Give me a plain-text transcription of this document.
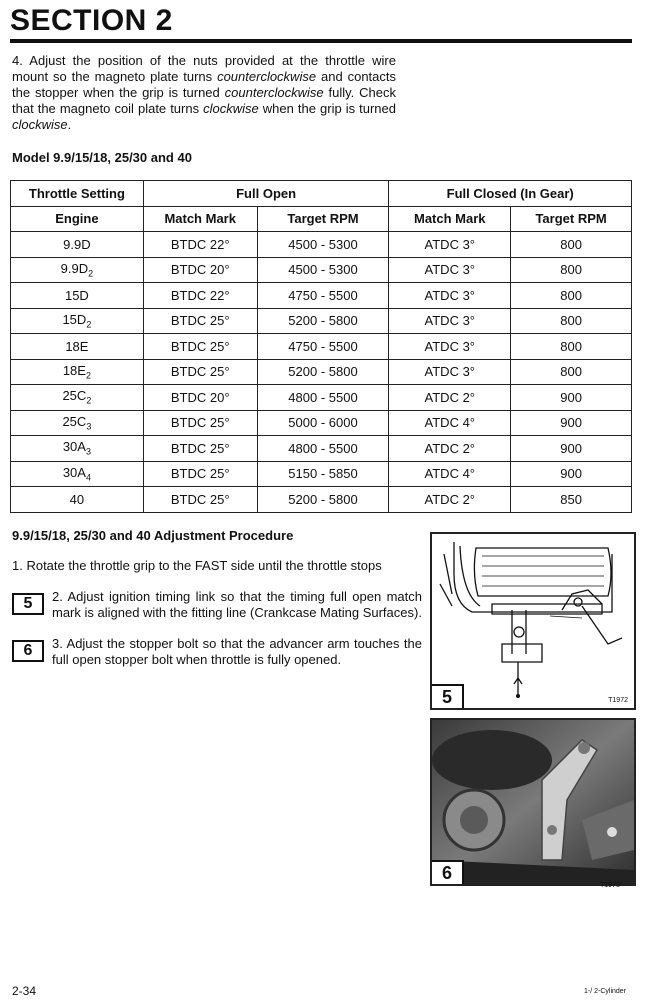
SECTION 2
4. Adjust the position of the nuts provided at the throttle wire mount so the magneto plate turns counterclockwise and contacts the stopper when the grip is turned counterclockwise fully. Check that the magneto coil plate turns clockwise when the grip is turned clockwise.
Model 9.9/15/18, 25/30 and 40
Throttle Setting	Full Open		Full Closed (In Gear)	
Engine	Match Mark	Target RPM	Match Mark	Target RPM
9.9D	BTDC 22°	4500 - 5300	ATDC 3°	800
$9.9D_2$	BTDC 20°	4500 - 5300	ATDC 3°	800
15D	BTDC 22°	4750 - 5500	ATDC 3°	800
$15D_2$	BTDC 25°	5200 - 5800	ATDC 3°	800
18E	BTDC 25°	4750 - 5500	ATDC 3°	800
$18E_2$	BTDC 25°	5200 - 5800	ATDC 3°	800
$25C_2$	BTDC 20°	4800 - 5500	ATDC 2°	900
$25C_3$	BTDC 25°	5000 - 6000	ATDC 4°	900
$30A_3$	BTDC 25°	4800 - 5500	ATDC 2°	900
$30A_4$	BTDC 25°	5150 - 5850	ATDC 4°	900
40	BTDC 25°	5200 - 5800	ATDC 2°	850
9.9/15/18, 25/30 and 40 Adjustment Procedure
1. Rotate the throttle grip to the FAST side until the throttle stops
5	2. Adjust ignition timing link so that the timing full open match mark is aligned with the fitting line (Crankcase Mating Surfaces).
6	3. Adjust the stopper bolt so that the advancer arm touches the full open stopper bolt when throttle is fully opened.
5	T1972
6
T1973
2-34	1-/ 2-Cylinder
